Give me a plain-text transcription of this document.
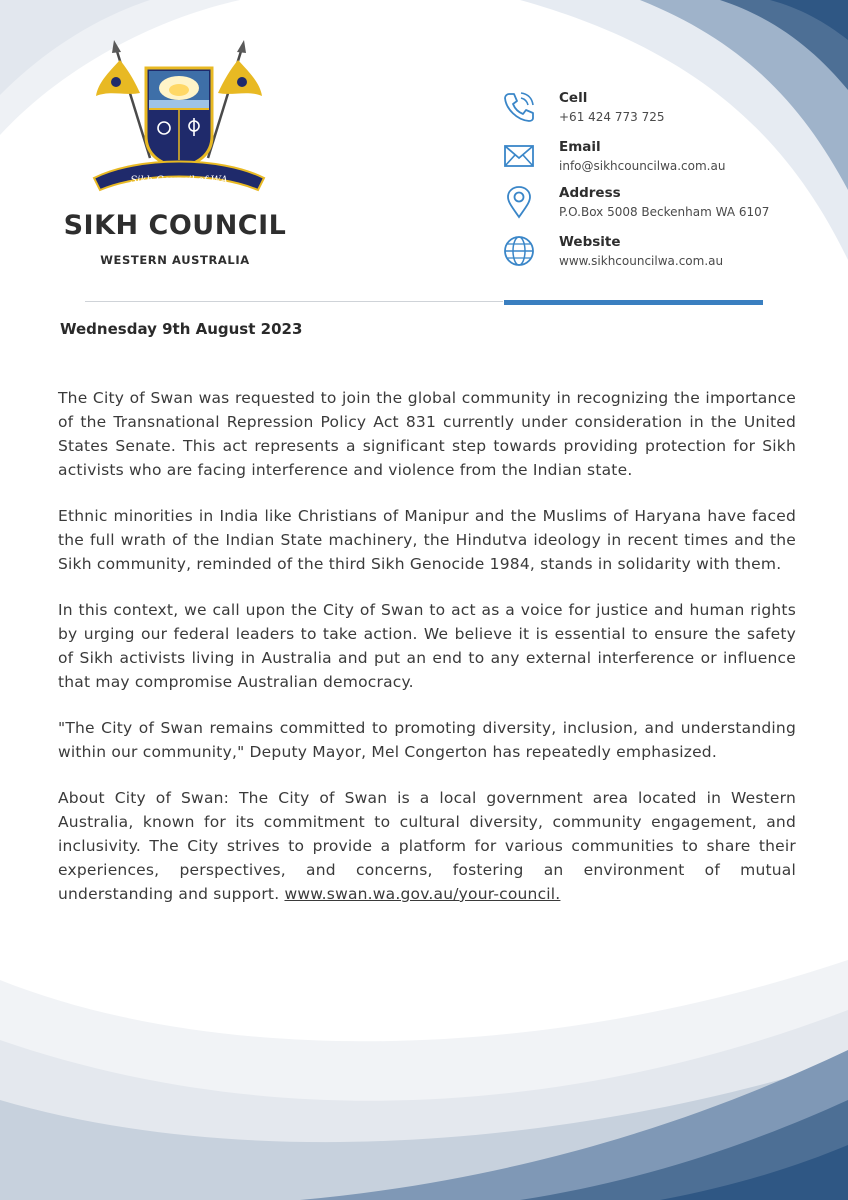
Sikh Council of WA
SIKH COUNCIL
WESTERN AUSTRALIA
Cell
+61 424 773 725
Email
info@sikhcouncilwa.com.au
Address
P.O.Box 5008 Beckenham WA 6107
Website
www.sikhcouncilwa.com.au
Wednesday 9th August 2023

The City of Swan was requested to join the global community in recognizing the importance of the Transnational Repression Policy Act 831 currently under consideration in the United States Senate. This act represents a significant step towards providing protection for Sikh activists who are facing interference and violence from the Indian state.

Ethnic minorities in India like Christians of Manipur and the Muslims of Haryana have faced the full wrath of the Indian State machinery, the Hindutva ideology in recent times and the Sikh community, reminded of the third Sikh Genocide 1984, stands in solidarity with them.

In this context, we call upon the City of Swan to act as a voice for justice and human rights by urging our federal leaders to take action. We believe it is essential to ensure the safety of Sikh activists living in Australia and put an end to any external interference or influence that may compromise Australian democracy.

"The City of Swan remains committed to promoting diversity, inclusion, and understanding within our community," Deputy Mayor, Mel Congerton has repeatedly emphasized.

About City of Swan: The City of Swan is a local government area located in Western Australia, known for its commitment to cultural diversity, community engagement, and inclusivity. The City strives to provide a platform for various communities to share their experiences, perspectives, and concerns, fostering an environment of mutual understanding and support. www.swan.wa.gov.au/your-council.
